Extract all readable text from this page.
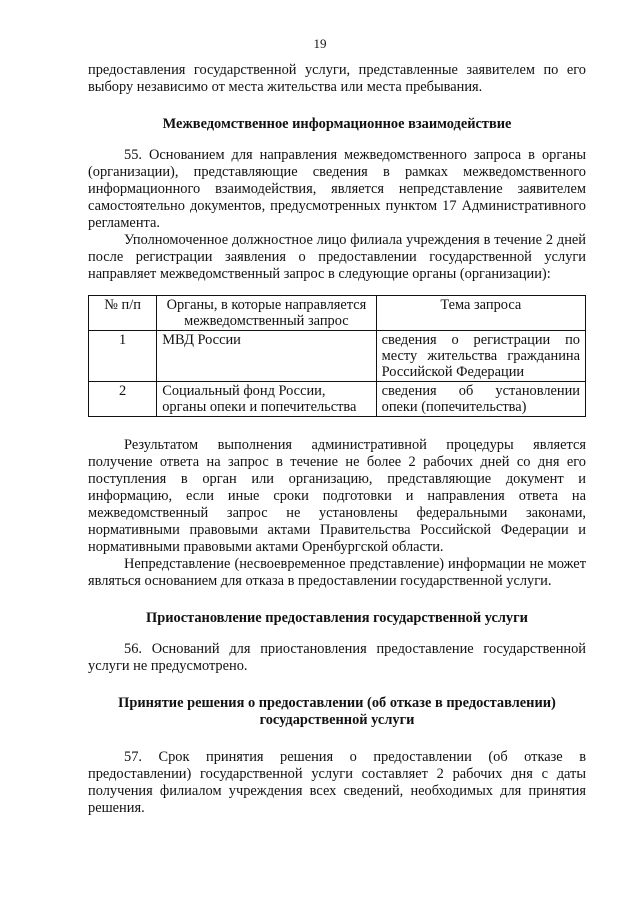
19

предоставления государственной услуги, представленные заявителем по его выбору независимо от места жительства или места пребывания.

Межведомственное информационное взаимодействие

55. Основанием для направления межведомственного запроса в органы (организации), представляющие сведения в рамках межведомственного информационного взаимодействия, является непредставление заявителем самостоятельно документов, предусмотренных пунктом 17 Административного регламента.

Уполномоченное должностное лицо филиала учреждения в течение 2 дней после регистрации заявления о предоставлении государственной услуги направляет межведомственный запрос в следующие органы (организации):

№ п/п	Органы, в которые направляется межведомственный запрос	Тема запроса
1	МВД России	сведения о регистрации по месту жительства гражданина Российской Федерации
2	Социальный фонд России, органы опеки и попечительства	сведения об установлении опеки (попечительства)

Результатом выполнения административной процедуры является получение ответа на запрос в течение не более 2 рабочих дней со дня его поступления в орган или организацию, представляющие документ и информацию, если иные сроки подготовки и направления ответа на межведомственный запрос не установлены федеральными законами, нормативными правовыми актами Правительства Российской Федерации и нормативными правовыми актами Оренбургской области.

Непредставление (несвоевременное представление) информации не может являться основанием для отказа в предоставлении государственной услуги.

Приостановление предоставления государственной услуги

56. Оснований для приостановления предоставление государственной услуги не предусмотрено.

Принятие решения о предоставлении (об отказе в предоставлении)

государственной услуги

57. Срок принятия решения о предоставлении (об отказе в предоставлении) государственной услуги составляет 2 рабочих дня с даты получения филиалом учреждения всех сведений, необходимых для принятия решения.
